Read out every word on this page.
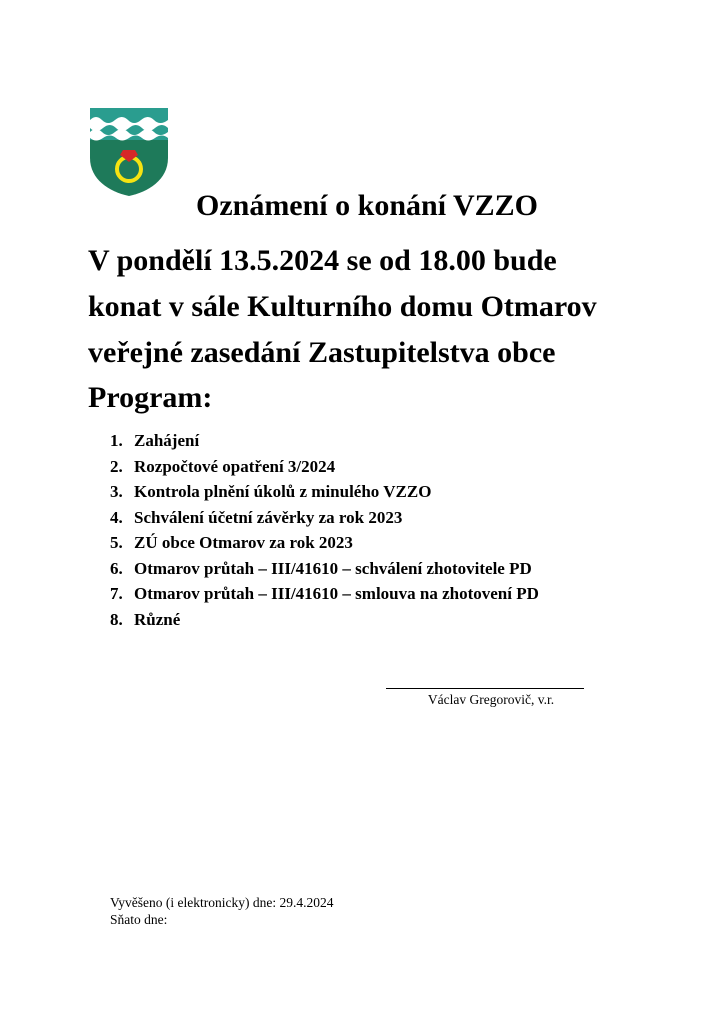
Oznámení o konání VZZO
V pondělí 13.5.2024 se od 18.00 bude
konat v sále Kulturního domu Otmarov
veřejné zasedání Zastupitelstva obce
Program:
1. Zahájení
2. Rozpočtové opatření 3/2024
3. Kontrola plnění úkolů z minulého VZZO
4. Schválení účetní závěrky za rok 2023
5. ZÚ obce Otmarov za rok 2023
6. Otmarov průtah – III/41610 – schválení zhotovitele PD
7. Otmarov průtah – III/41610 – smlouva na zhotovení PD
8. Různé
Václav Gregorovič, v.r.
Vyvěšeno (i elektronicky) dne: 29.4.2024
Sňato dne:
